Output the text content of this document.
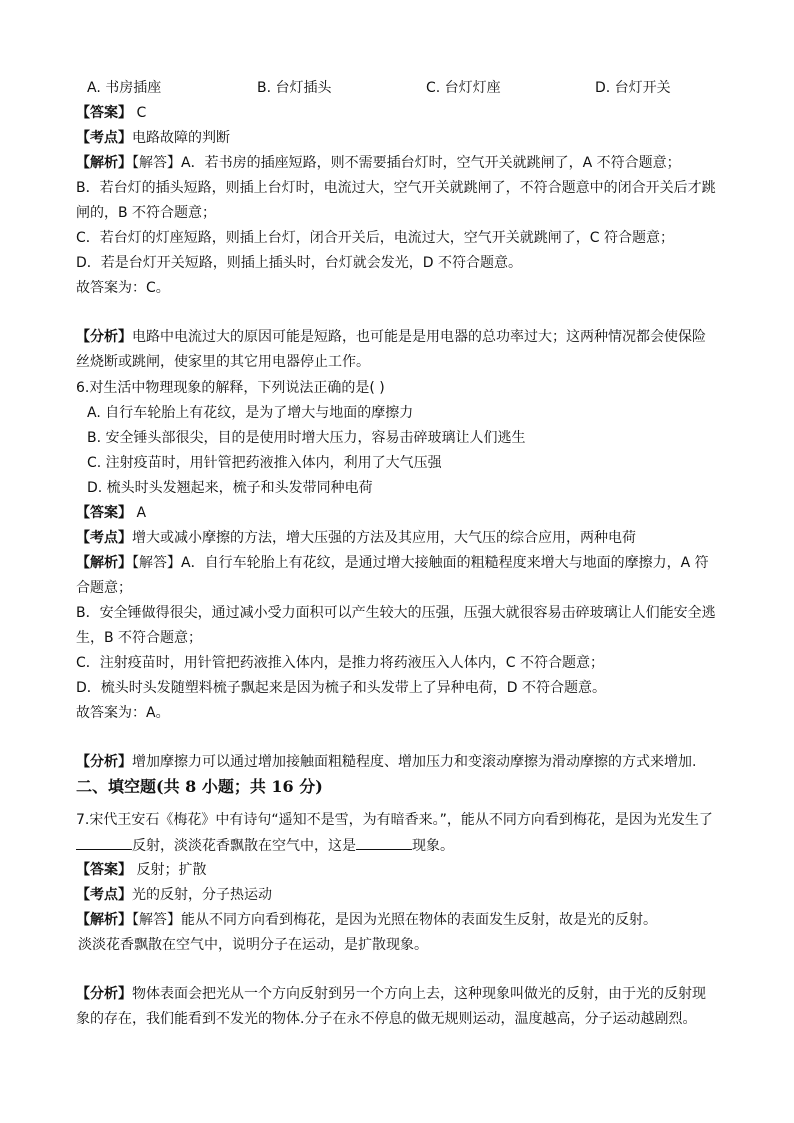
A. 书房插座	B. 台灯插头	C. 台灯灯座	D. 台灯开关
【答案】 C
【考点】电路故障的判断
【解析】【解答】A．若书房的插座短路，则不需要插台灯时，空气开关就跳闸了，A 不符合题意；
B．若台灯的插头短路，则插上台灯时，电流过大，空气开关就跳闸了，不符合题意中的闭合开关后才跳
闸的，B 不符合题意；
C．若台灯的灯座短路，则插上台灯，闭合开关后，电流过大，空气开关就跳闸了，C 符合题意；
D．若是台灯开关短路，则插上插头时，台灯就会发光，D 不符合题意。
故答案为：C。
【分析】电路中电流过大的原因可能是短路，也可能是是用电器的总功率过大；这两种情况都会使保险
丝烧断或跳闸，使家里的其它用电器停止工作。
6.对生活中物理现象的解释，下列说法正确的是( )
A. 自行车轮胎上有花纹，是为了增大与地面的摩擦力
B. 安全锤头部很尖，目的是使用时增大压力，容易击碎玻璃让人们逃生
C. 注射疫苗时，用针管把药液推入体内，利用了大气压强
D. 梳头时头发翘起来，梳子和头发带同种电荷
【答案】 A
【考点】增大或减小摩擦的方法，增大压强的方法及其应用，大气压的综合应用，两种电荷
【解析】【解答】A．自行车轮胎上有花纹，是通过增大接触面的粗糙程度来增大与地面的摩擦力，A 符
合题意；
B．安全锤做得很尖，通过减小受力面积可以产生较大的压强，压强大就很容易击碎玻璃让人们能安全逃
生，B 不符合题意；
C．注射疫苗时，用针管把药液推入体内，是推力将药液压入人体内，C 不符合题意；
D．梳头时头发随塑料梳子飘起来是因为梳子和头发带上了异种电荷，D 不符合题意。
故答案为：A。
【分析】增加摩擦力可以通过增加接触面粗糙程度、增加压力和变滚动摩擦为滑动摩擦的方式来增加.
二、填空题(共 8 小题；共 16 分)
7.宋代王安石《梅花》中有诗句“遥知不是雪，为有暗香来。”，能从不同方向看到梅花，是因为光发生了
反射，淡淡花香飘散在空气中，这是	现象。
【答案】 反射；扩散
【考点】光的反射，分子热运动
【解析】【解答】能从不同方向看到梅花，是因为光照在物体的表面发生反射，故是光的反射。
淡淡花香飘散在空气中，说明分子在运动，是扩散现象。
【分析】物体表面会把光从一个方向反射到另一个方向上去，这种现象叫做光的反射，由于光的反射现
象的存在，我们能看到不发光的物体.分子在永不停息的做无规则运动，温度越高，分子运动越剧烈。
